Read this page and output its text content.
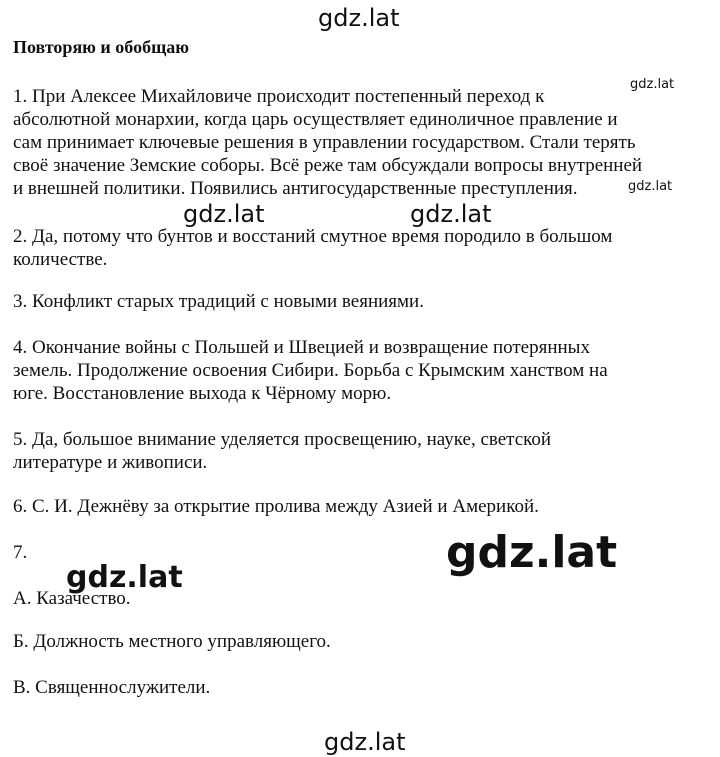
gdz.lat
Повторяю и обобщаю
gdz.lat
1. При Алексее Михайловиче происходит постепенный переход к
абсолютной монархии, когда царь осуществляет единоличное правление и
сам принимает ключевые решения в управлении государством. Стали терять
своё значение Земские соборы. Всё реже там обсуждали вопросы внутренней
и внешней политики. Появились антигосударственные преступления.	gdz.lat
gdz.lat	gdz.lat
2. Да, потому что бунтов и восстаний смутное время породило в большом
количестве.
3. Конфликт старых традиций с новыми веяниями.
4. Окончание войны с Польшей и Швецией и возвращение потерянных
земель. Продолжение освоения Сибири. Борьба с Крымским ханством на
юге. Восстановление выхода к Чёрному морю.
5. Да, большое внимание уделяется просвещению, науке, светской
литературе и живописи.
6. С. И. Дежнёву за открытие пролива между Азией и Америкой.
7.	gdz.lat
gdz.lat
А. Казачество.
Б. Должность местного управляющего.
В. Священнослужители.
gdz.lat
